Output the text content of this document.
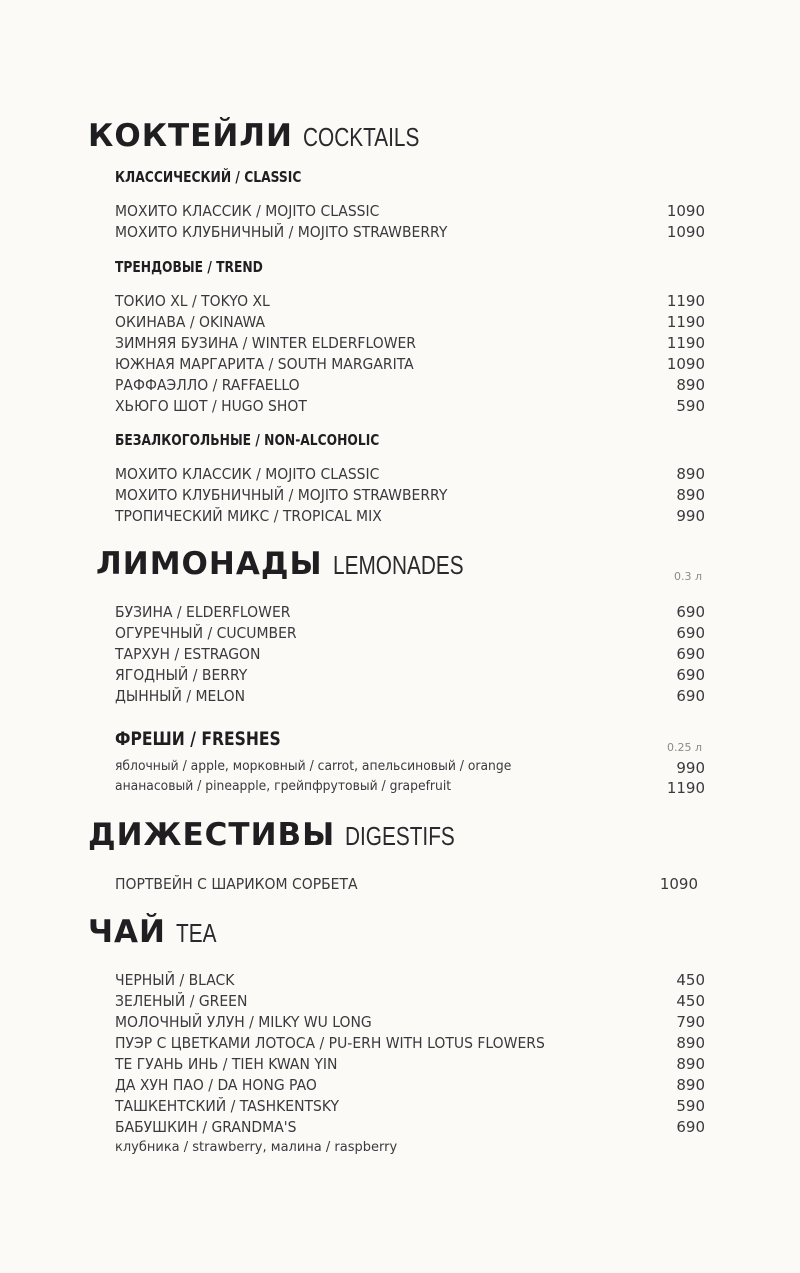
КОКТЕЙЛИ COCKTAILS
КЛАССИЧЕСКИЙ / CLASSIC
МОХИТО КЛАССИК / MOJITO CLASSIC	1090
МОХИТО КЛУБНИЧНЫЙ / MOJITO STRAWBERRY	1090
ТРЕНДОВЫЕ / TREND
ТОКИО XL / TOKYO XL	1190
ОКИНАВА / OKINAWA	1190
ЗИМНЯЯ БУЗИНА / WINTER ELDERFLOWER	1190
ЮЖНАЯ МАРГАРИТА / SOUTH MARGARITA	1090
РАФФАЭЛЛО / RAFFAELLO	890
ХЬЮГО ШОТ / HUGO SHOT	590
БЕЗАЛКОГОЛЬНЫЕ / NON-ALCOHOLIC
МОХИТО КЛАССИК / MOJITO CLASSIC	890
МОХИТО КЛУБНИЧНЫЙ / MOJITO STRAWBERRY	890
ТРОПИЧЕСКИЙ МИКС / TROPICAL MIX	990
ЛИМОНАДЫ LEMONADES	0.3 л
БУЗИНА / ELDERFLOWER	690
ОГУРЕЧНЫЙ / CUCUMBER	690
ТАРХУН / ESTRAGON	690
ЯГОДНЫЙ / BERRY	690
ДЫННЫЙ / MELON	690
ФРЕШИ / FRESHES	0.25 л
яблочный / apple, морковный / carrot, апельсиновый / orange	990
ананасовый / pineapple, грейпфрутовый / grapefruit	1190
ДИЖЕСТИВЫ DIGESTIFS
ПОРТВЕЙН С ШАРИКОМ СОРБЕТА	1090
ЧАЙ TEA
ЧЕРНЫЙ / BLACK	450
ЗЕЛЕНЫЙ / GREEN	450
МОЛОЧНЫЙ УЛУН / MILKY WU LONG	790
ПУЭР С ЦВЕТКАМИ ЛОТОСА / PU-ERH WITH LOTUS FLOWERS	890
ТЕ ГУАНЬ ИНЬ / TIEH KWAN YIN	890
ДА ХУН ПАО / DA HONG PAO	890
ТАШКЕНТСКИЙ / TASHKENTSKY	590
БАБУШКИН / GRANDMA'S	690
клубника / strawberry, малина / raspberry
